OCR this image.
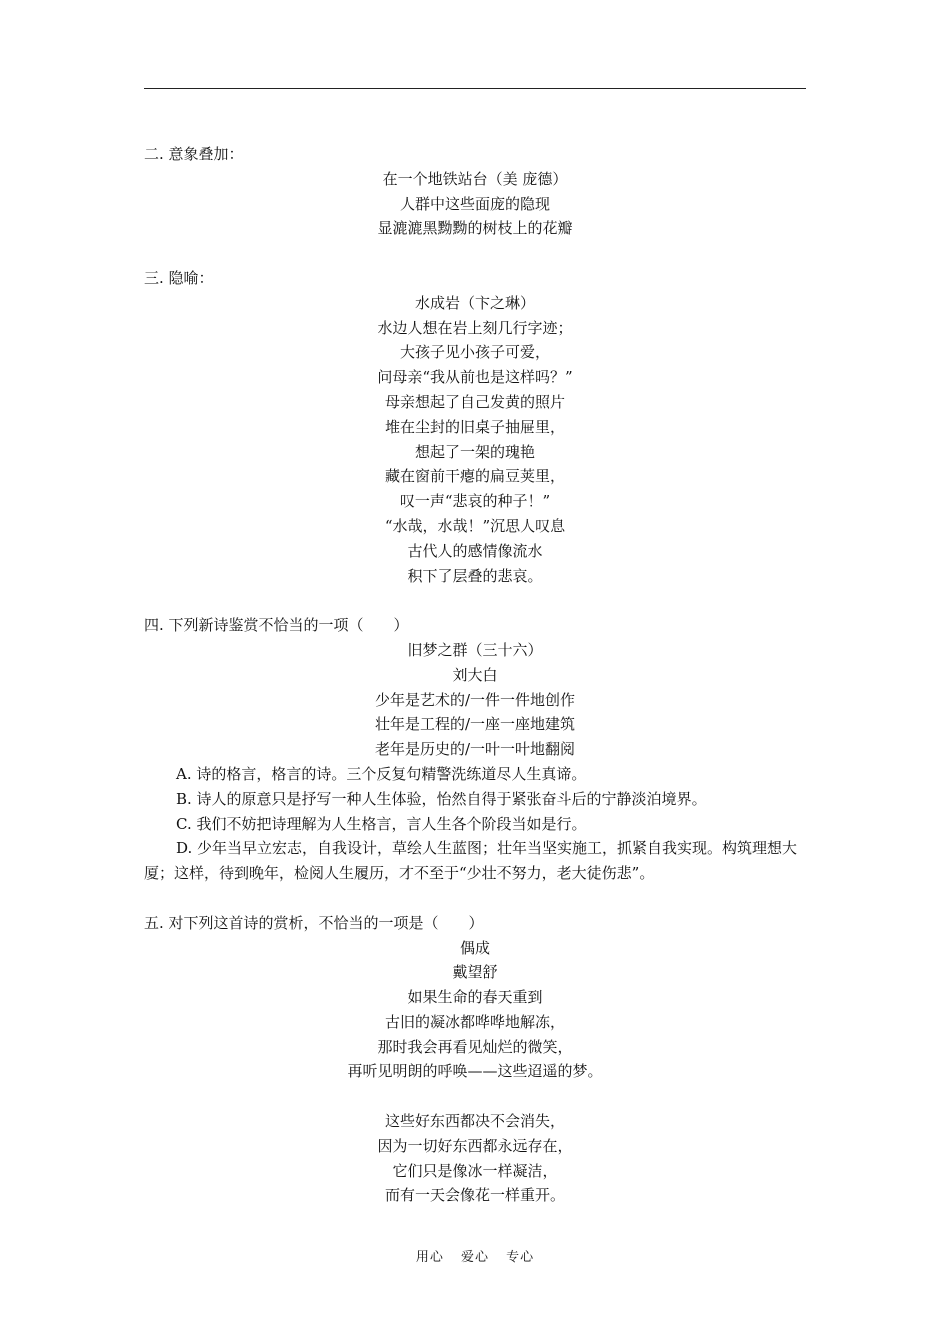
二. 意象叠加：
在一个地铁站台（美 庞德）
人群中这些面庞的隐现
显漉漉黑黝黝的树枝上的花瓣
三. 隐喻：
水成岩（卞之琳）
水边人想在岩上刻几行字迹；
大孩子见小孩子可爱，
问母亲“我从前也是这样吗？”
母亲想起了自己发黄的照片
堆在尘封的旧桌子抽屉里，
想起了一架的瑰艳
藏在窗前干瘪的扁豆荚里，
叹一声“悲哀的种子！”
“水哉，水哉！”沉思人叹息
古代人的感情像流水
积下了层叠的悲哀。
四. 下列新诗鉴赏不恰当的一项（　　）
旧梦之群（三十六）
刘大白
少年是艺术的/一件一件地创作
壮年是工程的/一座一座地建筑
老年是历史的/一叶一叶地翻阅
A. 诗的格言，格言的诗。三个反复句精警洗练道尽人生真谛。
B. 诗人的原意只是抒写一种人生体验，怡然自得于紧张奋斗后的宁静淡泊境界。
C. 我们不妨把诗理解为人生格言，言人生各个阶段当如是行。
D. 少年当早立宏志，自我设计，草绘人生蓝图；壮年当坚实施工，抓紧自我实现。构筑理想大厦；这样，待到晚年，检阅人生履历，才不至于“少壮不努力，老大徒伤悲”。
五. 对下列这首诗的赏析，不恰当的一项是（　　）
偶成
戴望舒
如果生命的春天重到
古旧的凝冰都哗哗地解冻，
那时我会再看见灿烂的微笑，
再听见明朗的呼唤——这些迢遥的梦。
这些好东西都决不会消失，
因为一切好东西都永远存在，
它们只是像冰一样凝洁，
而有一天会像花一样重开。
用心 爱心 专心
